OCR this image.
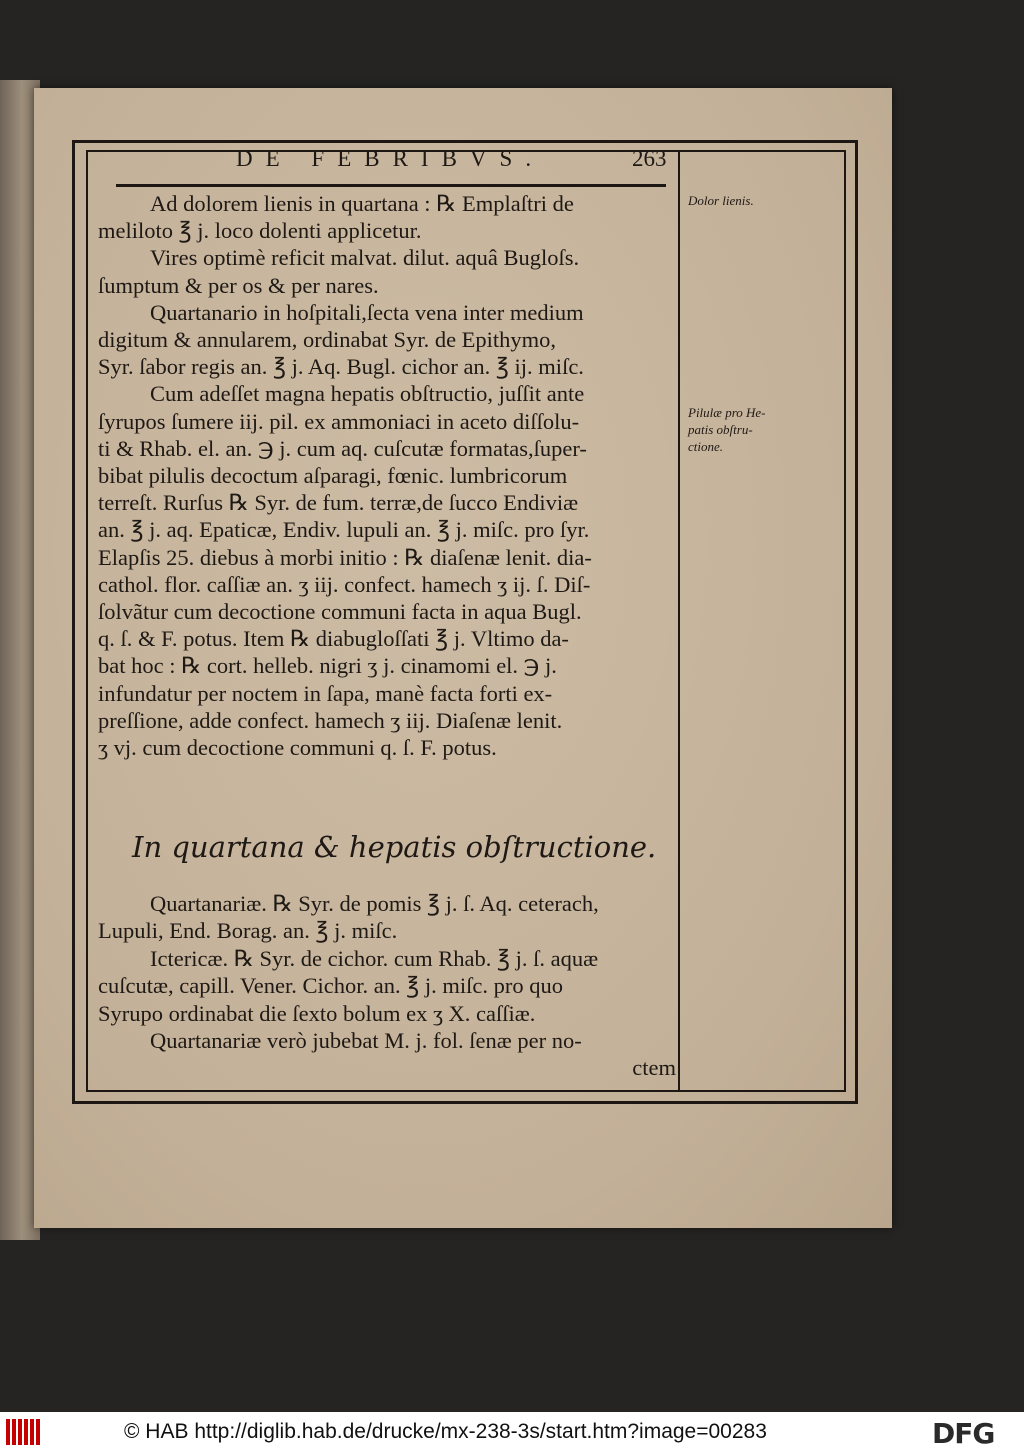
DE FEBRIBVS.	263
Ad dolorem lienis in quartana : ℞ Emplaſtri de
meliloto ℥ j. loco dolenti applicetur.
Vires optimè reficit malvat. dilut. aquâ Bugloſs.
ſumptum & per os & per nares.
Quartanario in hoſpitali,ſecta vena inter medium
digitum & annularem, ordinabat Syr. de Epithymo,
Syr. ſabor regis an. ℥ j. Aq. Bugl. cichor an. ℥ ij. miſc.
Cum adeſſet magna hepatis obſtructio, juſſit ante
ſyrupos ſumere iij. pil. ex ammoniaci in aceto diſſolu-
ti & Rhab. el. an. ℈ j. cum aq. cuſcutæ formatas,ſuper-
bibat pilulis decoctum aſparagi, fœnic. lumbricorum
terreſt. Rurſus ℞ Syr. de fum. terræ,de ſucco Endiviæ
an. ℥ j. aq. Epaticæ, Endiv. lupuli an. ℥ j. miſc. pro ſyr.
Elapſis 25. diebus à morbi initio : ℞ diaſenæ lenit. dia-
cathol. flor. caſſiæ an. ʒ iij. confect. hamech ʒ ij. ſ. Diſ-
ſolvãtur cum decoctione communi facta in aqua Bugl.
q. ſ. & F. potus. Item ℞ diabugloſſati ℥ j. Vltimo da-
bat hoc : ℞ cort. helleb. nigri ʒ j. cinamomi el. ℈ j.
infundatur per noctem in ſapa, manè facta forti ex-
preſſione, adde confect. hamech ʒ iij. Diaſenæ lenit.
ʒ vj. cum decoctione communi q. ſ. F. potus.
In quartana & hepatis obſtructione.
Quartanariæ. ℞ Syr. de pomis ℥ j. ſ. Aq. ceterach,
Lupuli, End. Borag. an. ℥ j. miſc.
Ictericæ. ℞ Syr. de cichor. cum Rhab. ℥ j. ſ. aquæ
cuſcutæ, capill. Vener. Cichor. an. ℥ j. miſc. pro quo
Syrupo ordinabat die ſexto bolum ex ʒ X. caſſiæ.
Quartanariæ verò jubebat M. j. fol. ſenæ per no-
ctem
Dolor lienis.
Pilulæ pro He-
patis obſtru-
ctione.
© HAB http://diglib.hab.de/drucke/mx-238-3s/start.htm?image=00283	DFG
